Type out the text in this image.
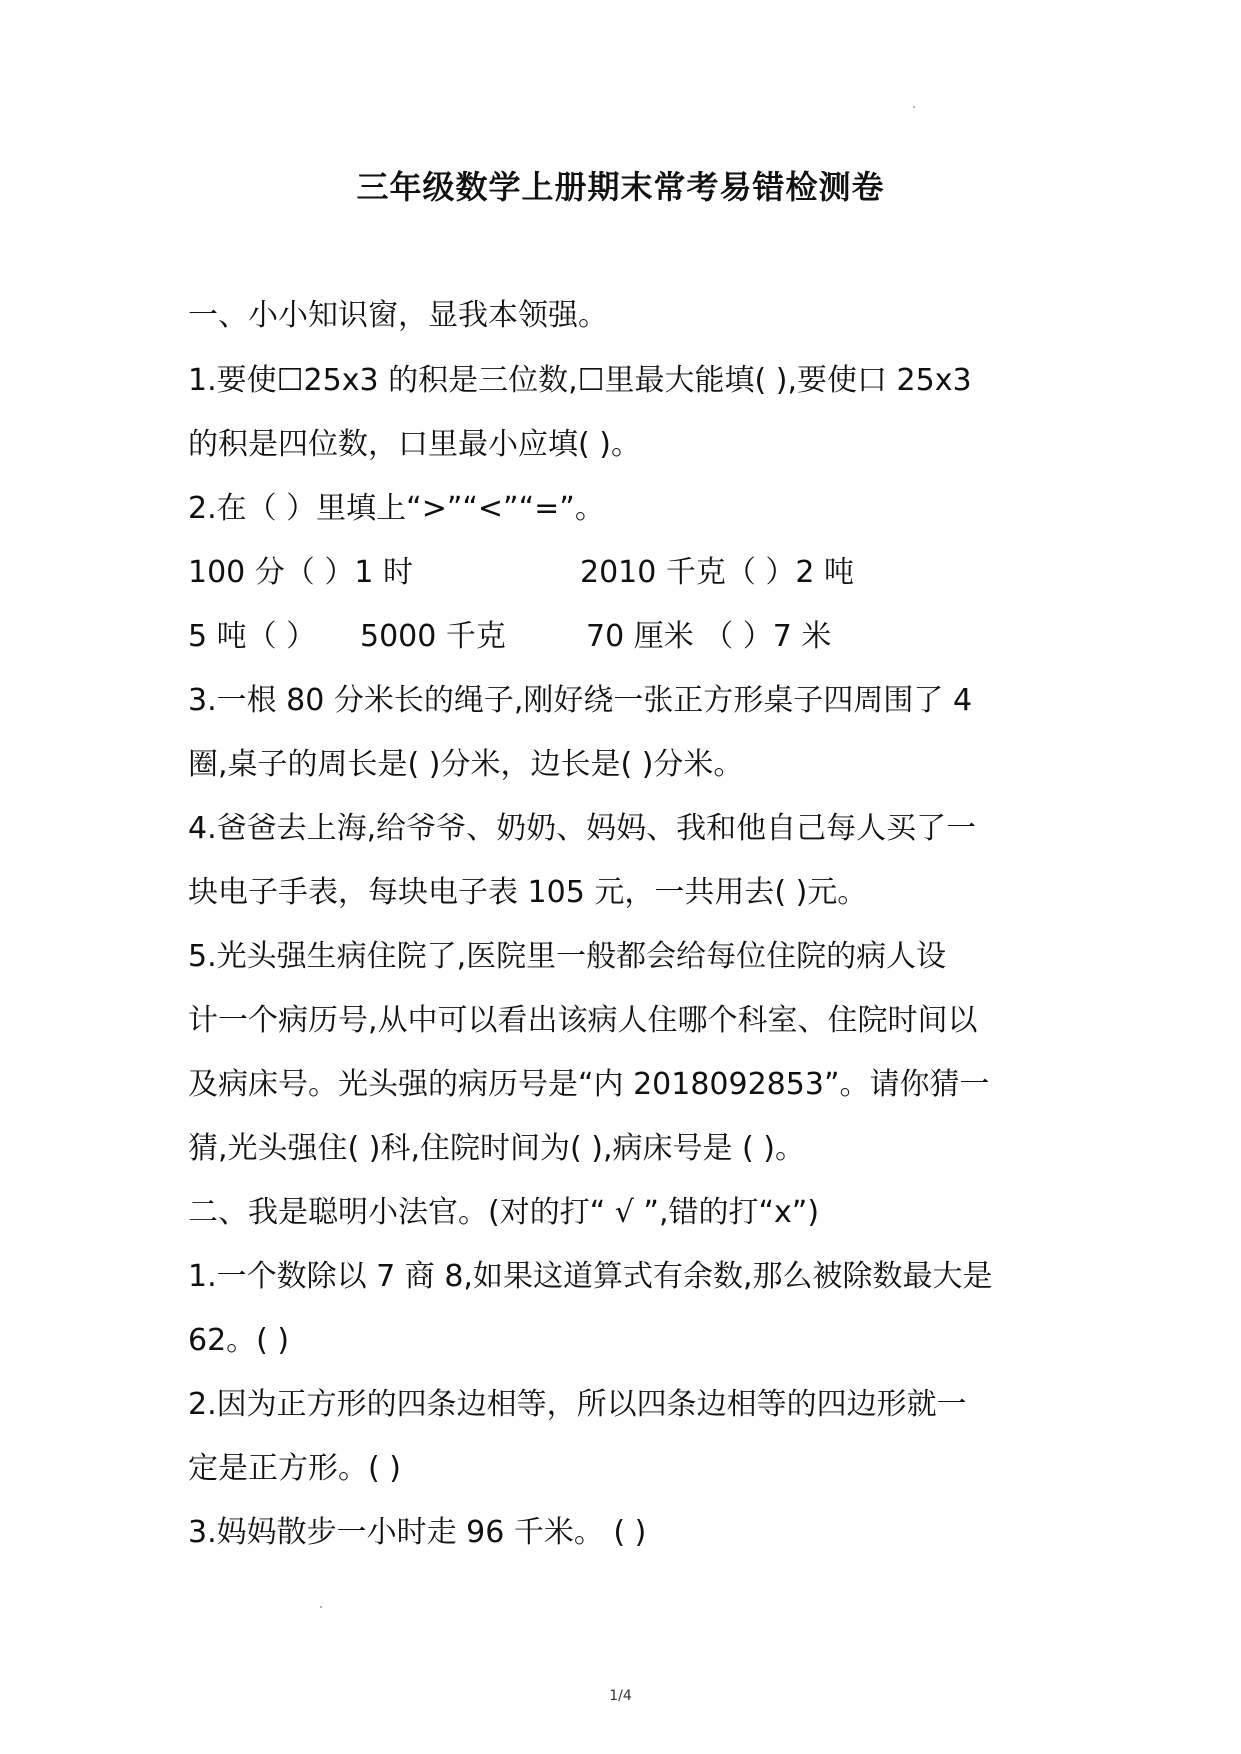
三年级数学上册期末常考易错检测卷
一、小小知识窗，显我本领强。
1.要使☐25x3 的积是三位数,☐里最大能填( ),要使口 25x3
的积是四位数，口里最小应填( )。
2.在（ ）里填上“>”“<”“=”。
100 分（ ）1 时	2010 千克（ ）2 吨
5 吨（ ） 5000 千克	70 厘米 （ ）7 米
3.一根 80 分米长的绳子,刚好绕一张正方形桌子四周围了 4
圈,桌子的周长是( )分米，边长是( )分米。
4.爸爸去上海,给爷爷、奶奶、妈妈、我和他自己每人买了一
块电子手表，每块电子表 105 元，一共用去( )元。
5.光头强生病住院了,医院里一般都会给每位住院的病人设
计一个病历号,从中可以看出该病人住哪个科室、住院时间以
及病床号。光头强的病历号是“内 2018092853”。请你猜一
猜,光头强住( )科,住院时间为( ),病床号是 ( )。
二、我是聪明小法官。(对的打“ √ ”,错的打“x”)
1.一个数除以 7 商 8,如果这道算式有余数,那么被除数最大是
62。( )
2.因为正方形的四条边相等，所以四条边相等的四边形就一
定是正方形。( )
3.妈妈散步一小时走 96 千米。 ( )
1/4
